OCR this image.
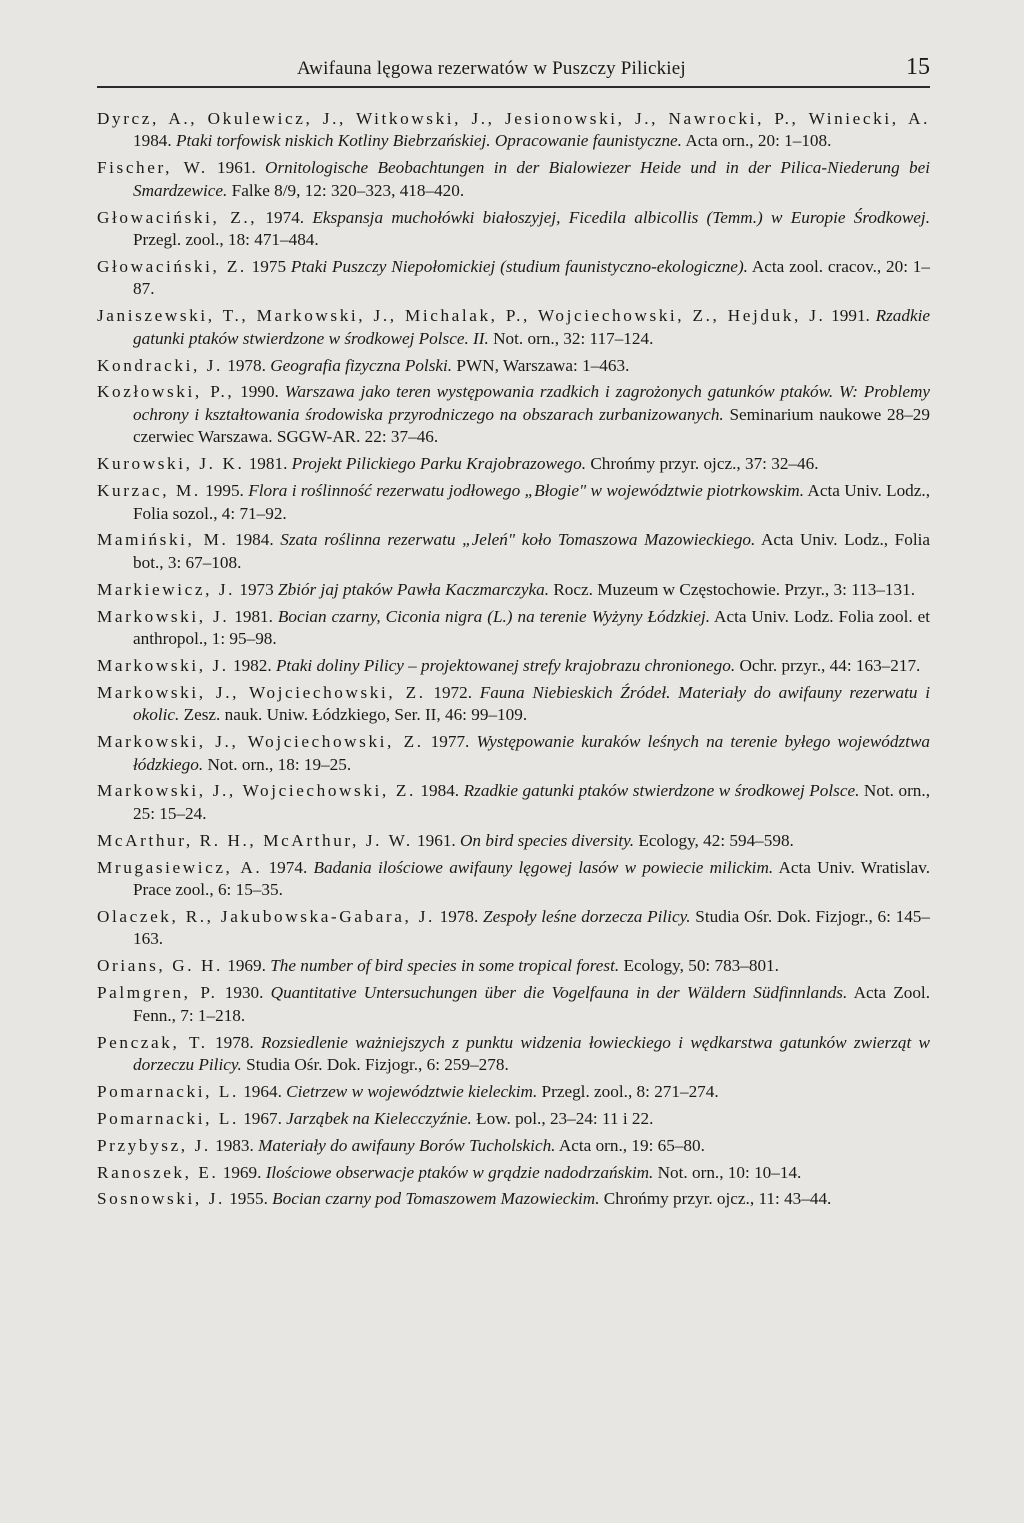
Awifauna lęgowa rezerwatów w Puszczy Pilickiej	15
Dyrcz, A., Okulewicz, J., Witkowski, J., Jesionowski, J., Nawrocki, P., Winiecki, A. 1984. Ptaki torfowisk niskich Kotliny Biebrzańskiej. Opracowanie faunistyczne. Acta orn., 20: 1–108.
Fischer, W. 1961. Ornitologische Beobachtungen in der Bialowiezer Heide und in der Pilica-Niederung bei Smardzewice. Falke 8/9, 12: 320–323, 418–420.
Głowaciński, Z., 1974. Ekspansja muchołówki białoszyjej, Ficedila albicollis (Temm.) w Europie Środkowej. Przegl. zool., 18: 471–484.
Głowaciński, Z. 1975 Ptaki Puszczy Niepołomickiej (studium faunistyczno-ekologiczne). Acta zool. cracov., 20: 1–87.
Janiszewski, T., Markowski, J., Michalak, P., Wojciechowski, Z., Hejduk, J. 1991. Rzadkie gatunki ptaków stwierdzone w środkowej Polsce. II. Not. orn., 32: 117–124.
Kondracki, J. 1978. Geografia fizyczna Polski. PWN, Warszawa: 1–463.
Kozłowski, P., 1990. Warszawa jako teren występowania rzadkich i zagrożonych gatunków ptaków. W: Problemy ochrony i kształtowania środowiska przyrodniczego na obszarach zurbanizowanych. Seminarium naukowe 28–29 czerwiec Warszawa. SGGW-AR. 22: 37–46.
Kurowski, J. K. 1981. Projekt Pilickiego Parku Krajobrazowego. Chrońmy przyr. ojcz., 37: 32–46.
Kurzac, M. 1995. Flora i roślinność rezerwatu jodłowego „Błogie" w województwie piotrkowskim. Acta Univ. Lodz., Folia sozol., 4: 71–92.
Mamiński, M. 1984. Szata roślinna rezerwatu „Jeleń" koło Tomaszowa Mazowieckiego. Acta Univ. Lodz., Folia bot., 3: 67–108.
Markiewicz, J. 1973 Zbiór jaj ptaków Pawła Kaczmarczyka. Rocz. Muzeum w Częstochowie. Przyr., 3: 113–131.
Markowski, J. 1981. Bocian czarny, Ciconia nigra (L.) na terenie Wyżyny Łódzkiej. Acta Univ. Lodz. Folia zool. et anthropol., 1: 95–98.
Markowski, J. 1982. Ptaki doliny Pilicy – projektowanej strefy krajobrazu chronionego. Ochr. przyr., 44: 163–217.
Markowski, J., Wojciechowski, Z. 1972. Fauna Niebieskich Źródeł. Materiały do awifauny rezerwatu i okolic. Zesz. nauk. Uniw. Łódzkiego, Ser. II, 46: 99–109.
Markowski, J., Wojciechowski, Z. 1977. Występowanie kuraków leśnych na terenie byłego województwa łódzkiego. Not. orn., 18: 19–25.
Markowski, J., Wojciechowski, Z. 1984. Rzadkie gatunki ptaków stwierdzone w środkowej Polsce. Not. orn., 25: 15–24.
McArthur, R. H., McArthur, J. W. 1961. On bird species diversity. Ecology, 42: 594–598.
Mrugasiewicz, A. 1974. Badania ilościowe awifauny lęgowej lasów w powiecie milickim. Acta Univ. Wratislav. Prace zool., 6: 15–35.
Olaczek, R., Jakubowska-Gabara, J. 1978. Zespoły leśne dorzecza Pilicy. Studia Ośr. Dok. Fizjogr., 6: 145–163.
Orians, G. H. 1969. The number of bird species in some tropical forest. Ecology, 50: 783–801.
Palmgren, P. 1930. Quantitative Untersuchungen über die Vogelfauna in der Wäldern Südfinnlands. Acta Zool. Fenn., 7: 1–218.
Penczak, T. 1978. Rozsiedlenie ważniejszych z punktu widzenia łowieckiego i wędkarstwa gatunków zwierząt w dorzeczu Pilicy. Studia Ośr. Dok. Fizjogr., 6: 259–278.
Pomarnacki, L. 1964. Cietrzew w województwie kieleckim. Przegl. zool., 8: 271–274.
Pomarnacki, L. 1967. Jarząbek na Kielecczyźnie. Łow. pol., 23–24: 11 i 22.
Przybysz, J. 1983. Materiały do awifauny Borów Tucholskich. Acta orn., 19: 65–80.
Ranoszek, E. 1969. Ilościowe obserwacje ptaków w grądzie nadodrzańskim. Not. orn., 10: 10–14.
Sosnowski, J. 1955. Bocian czarny pod Tomaszowem Mazowieckim. Chrońmy przyr. ojcz., 11: 43–44.
